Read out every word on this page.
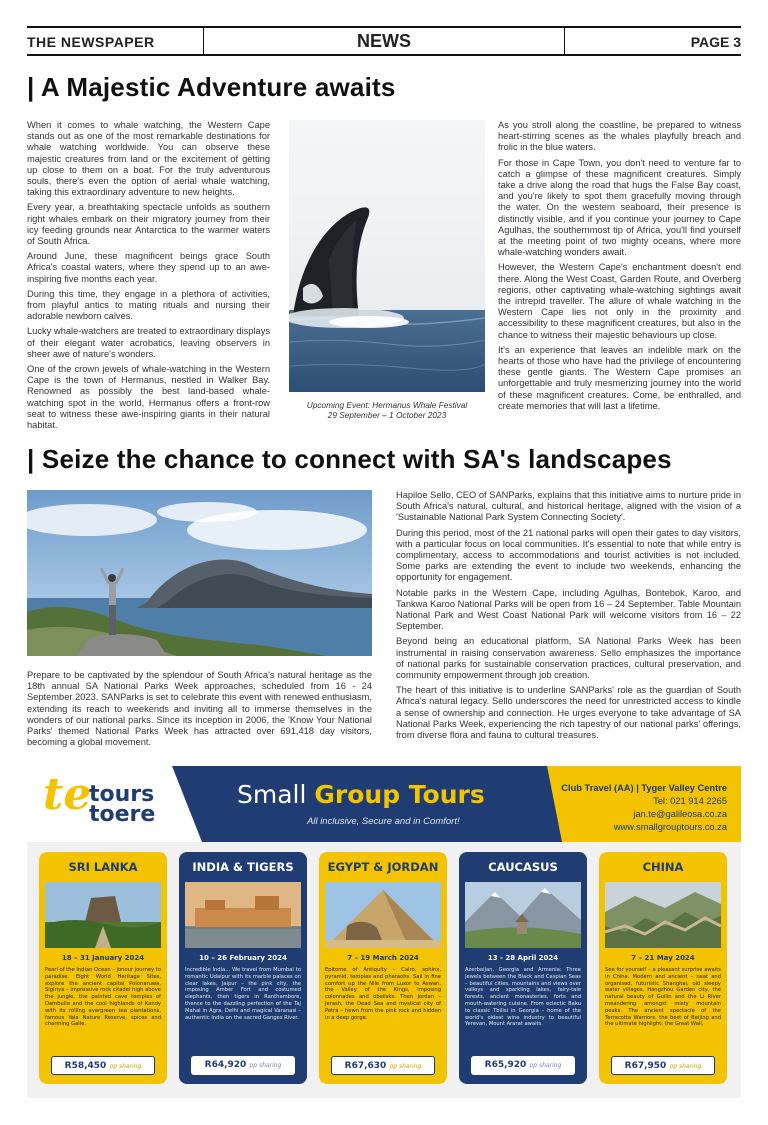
THE NEWSPAPER	NEWS	PAGE 3
| A Majestic Adventure awaits

When it comes to whale watching, the Western Cape stands out as one of the most remarkable destinations for whale watching worldwide. You can observe these majestic creatures from land or the excitement of getting up close to them on a boat. For the truly adventurous souls, there's even the option of aerial whale watching, taking this extraordinary adventure to new heights.

Every year, a breathtaking spectacle unfolds as southern right whales embark on their migratory journey from their icy feeding grounds near Antarctica to the warmer waters of South Africa.

Around June, these magnificent beings grace South Africa's coastal waters, where they spend up to an awe-inspiring five months each year.

During this time, they engage in a plethora of activities, from playful antics to mating rituals and nursing their adorable newborn calves.

Lucky whale-watchers are treated to extraordinary displays of their elegant water acrobatics, leaving observers in sheer awe of nature's wonders.

One of the crown jewels of whale-watching in the Western Cape is the town of Hermanus, nestled in Walker Bay. Renowned as possibly the best land-based whale-watching spot in the world, Hermanus offers a front-row seat to witness these awe-inspiring giants in their natural habitat.

Upcoming Event: Hermanus Whale Festival
29 September – 1 October 2023

As you stroll along the coastline, be prepared to witness heart-stirring scenes as the whales playfully breach and frolic in the blue waters.

For those in Cape Town, you don't need to venture far to catch a glimpse of these magnificent creatures. Simply take a drive along the road that hugs the False Bay coast, and you're likely to spot them gracefully moving through the water. On the western seaboard, their presence is distinctly visible, and if you continue your journey to Cape Agulhas, the southernmost tip of Africa, you'll find yourself at the meeting point of two mighty oceans, where more whale-watching wonders await.

However, the Western Cape's enchantment doesn't end there. Along the West Coast, Garden Route, and Overberg regions, other captivating whale-watching sightings await the intrepid traveller. The allure of whale watching in the Western Cape lies not only in the proximity and accessibility to these magnificent creatures, but also in the chance to witness their majestic behaviours up close.

It's an experience that leaves an indelible mark on the hearts of those who have had the privilege of encountering these gentle giants. The Western Cape promises an unforgettable and truly mesmerizing journey into the world of these magnificent creatures. Come, be enthralled, and create memories that will last a lifetime.

| Seize the chance to connect with SA's landscapes

Prepare to be captivated by the splendour of South Africa's natural heritage as the 18th annual SA National Parks Week approaches, scheduled from 16 - 24 September 2023. SANParks is set to celebrate this event with renewed enthusiasm, extending its reach to weekends and inviting all to immerse themselves in the wonders of our national parks. Since its inception in 2006, the 'Know Your National Parks' themed National Parks Week has attracted over 691,418 day visitors, becoming a global movement.

Hapiloe Sello, CEO of SANParks, explains that this initiative aims to nurture pride in South Africa's natural, cultural, and historical heritage, aligned with the vision of a 'Sustainable National Park System Connecting Society'.

During this period, most of the 21 national parks will open their gates to day visitors, with a particular focus on local communities. It's essential to note that while entry is complimentary, access to accommodations and tourist activities is not included. Some parks are extending the event to include two weekends, enhancing the opportunity for engagement.

Notable parks in the Western Cape, including Agulhas, Bontebok, Karoo, and Tankwa Karoo National Parks will be open from 16 – 24 September. Table Mountain National Park and West Coast National Park will welcome visitors from 16 – 22 September.

Beyond being an educational platform, SA National Parks Week has been instrumental in raising conservation awareness. Sello emphasizes the importance of national parks for sustainable conservation practices, cultural preservation, and community empowerment through job creation.

The heart of this initiative is to underline SANParks' role as the guardian of South Africa's natural legacy. Sello underscores the need for unrestricted access to kindle a sense of ownership and connection. He urges everyone to take advantage of SA National Parks Week, experiencing the rich tapestry of our national parks' offerings, from diverse flora and fauna to cultural treasures.

te
tours
toere
Small Group Tours
All inclusive, Secure and in Comfort!
Club Travel (AA) | Tyger Valley Centre
Tel: 021 914 2265
jan.te@galileosa.co.za
www.smallgrouptours.co.za
SRI LANKA
18 – 31 January 2024
Pearl of the Indian Ocean – jonour journey to paradise. Eight World Heritage Sites, explore the ancient capital Polonaruwa, Sigiriya – impressive rock citadel high above the jungle, the painted cave temples of Dambulla and the cool highlands of Kandy with its rolling evergreen tea plantations, famous Yala Nature Reserve, spices and charming Galle.
R58,450 pp sharing
INDIA & TIGERS
10 – 26 February 2024
Incredible India... We travel from Mumbai to romantic Udaipur with its marble palaces on clear lakes, Jaipur – the pink city, the imposing Amber Fort and costumed elephants, then tigers in Ranthambore, thence to the dazzling perfection of the Taj Mahal in Agra, Delhi and magical Varanasi – authentic India on the sacred Ganges River.
R64,920 pp sharing
EGYPT & JORDAN
7 – 19 March 2024
Epitome of Antiquity – Cairo, sphinx, pyramid, temples and pharaohs. Sail in fine comfort up the Nile from Luxor to Aswan, the Valley of the Kings, imposing colonnades and obelisks. Then Jordan – Jerash, the Dead Sea and mystical city of Petra – hewn from the pink rock and hidden in a deep gorge.
R67,630 pp sharing
CAUCASUS
13 - 28 April 2024
Azerbaijan, Georgia and Armenia: Three jewels between the Black and Caspian Seas – beautiful cities, mountains and views over valleys and sparkling lakes, fairy-tale forests, ancient monasteries, forts and mouth-watering cuisine. From eclectic Baku to classic Tbilisi in Georgia – home of the world's oldest wine industry to beautiful Yerevan, Mount Ararat awaits.
R65,920 pp sharing
CHINA
7 – 21 May 2024
See for yourself – a pleasant surprise awaits in China. Modern and ancient – neat and organised, futuristic Shanghai, old sleepy water villages, Hangzhou Garden city, the natural beauty of Guilin and the Li River meandering amongst misty mountain peaks. The ancient spectacle of the Terracotta Warriors, the best of Beijing and the ultimate highlight: the Great Wall.
R67,950 pp sharing
